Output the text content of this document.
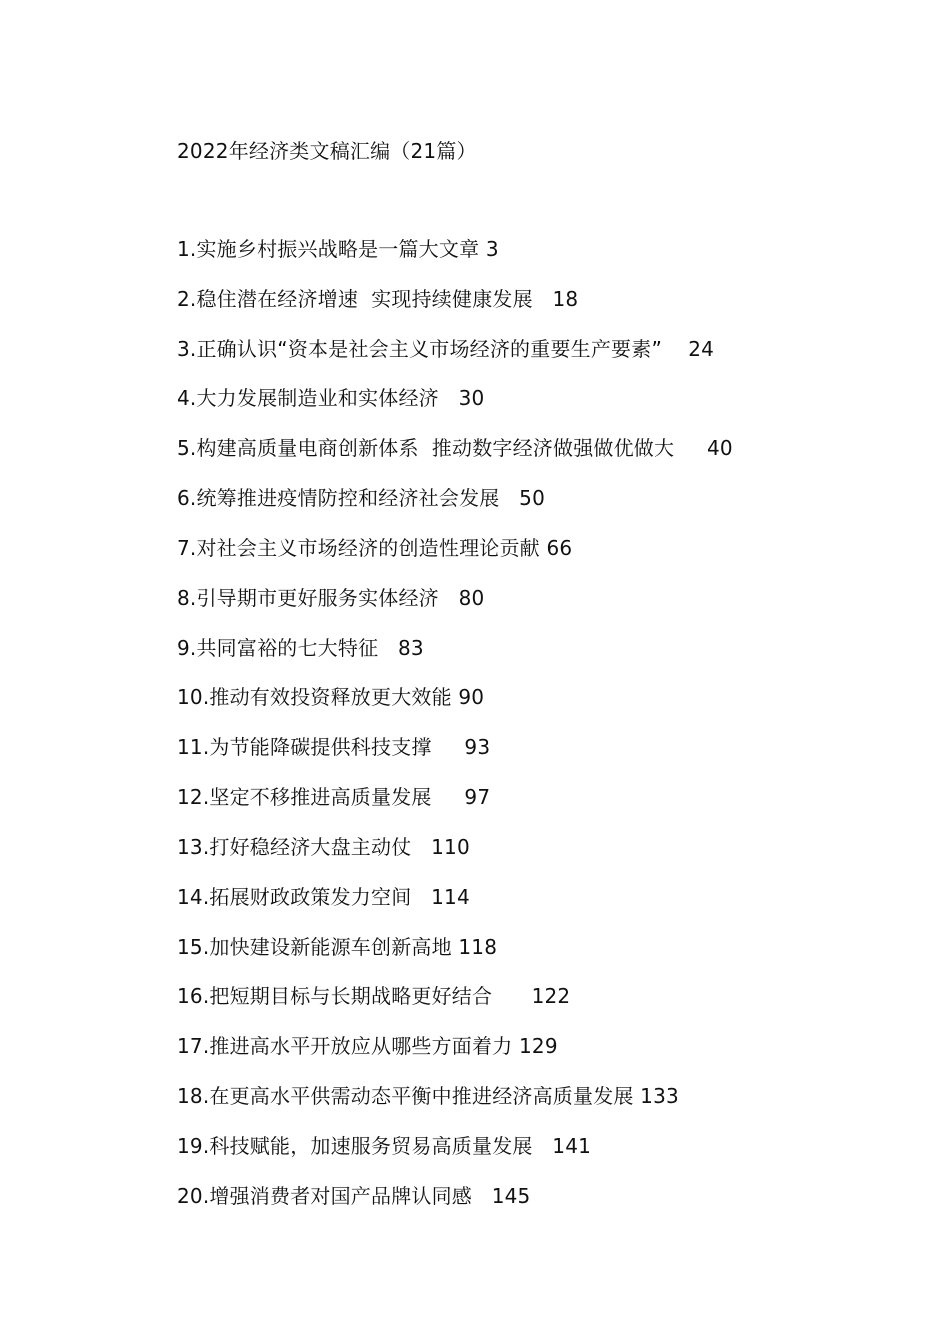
2022年经济类文稿汇编（21篇）
1.实施乡村振兴战略是一篇大文章 3
2.稳住潜在经济增速  实现持续健康发展   18
3.正确认识“资本是社会主义市场经济的重要生产要素”    24
4.大力发展制造业和实体经济   30
5.构建高质量电商创新体系  推动数字经济做强做优做大     40
6.统筹推进疫情防控和经济社会发展   50
7.对社会主义市场经济的创造性理论贡献 66
8.引导期市更好服务实体经济   80
9.共同富裕的七大特征   83
10.推动有效投资释放更大效能 90
11.为节能降碳提供科技支撑     93
12.坚定不移推进高质量发展     97
13.打好稳经济大盘主动仗   110
14.拓展财政政策发力空间   114
15.加快建设新能源车创新高地 118
16.把短期目标与长期战略更好结合      122
17.推进高水平开放应从哪些方面着力 129
18.在更高水平供需动态平衡中推进经济高质量发展 133
19.科技赋能，加速服务贸易高质量发展   141
20.增强消费者对国产品牌认同感   145
